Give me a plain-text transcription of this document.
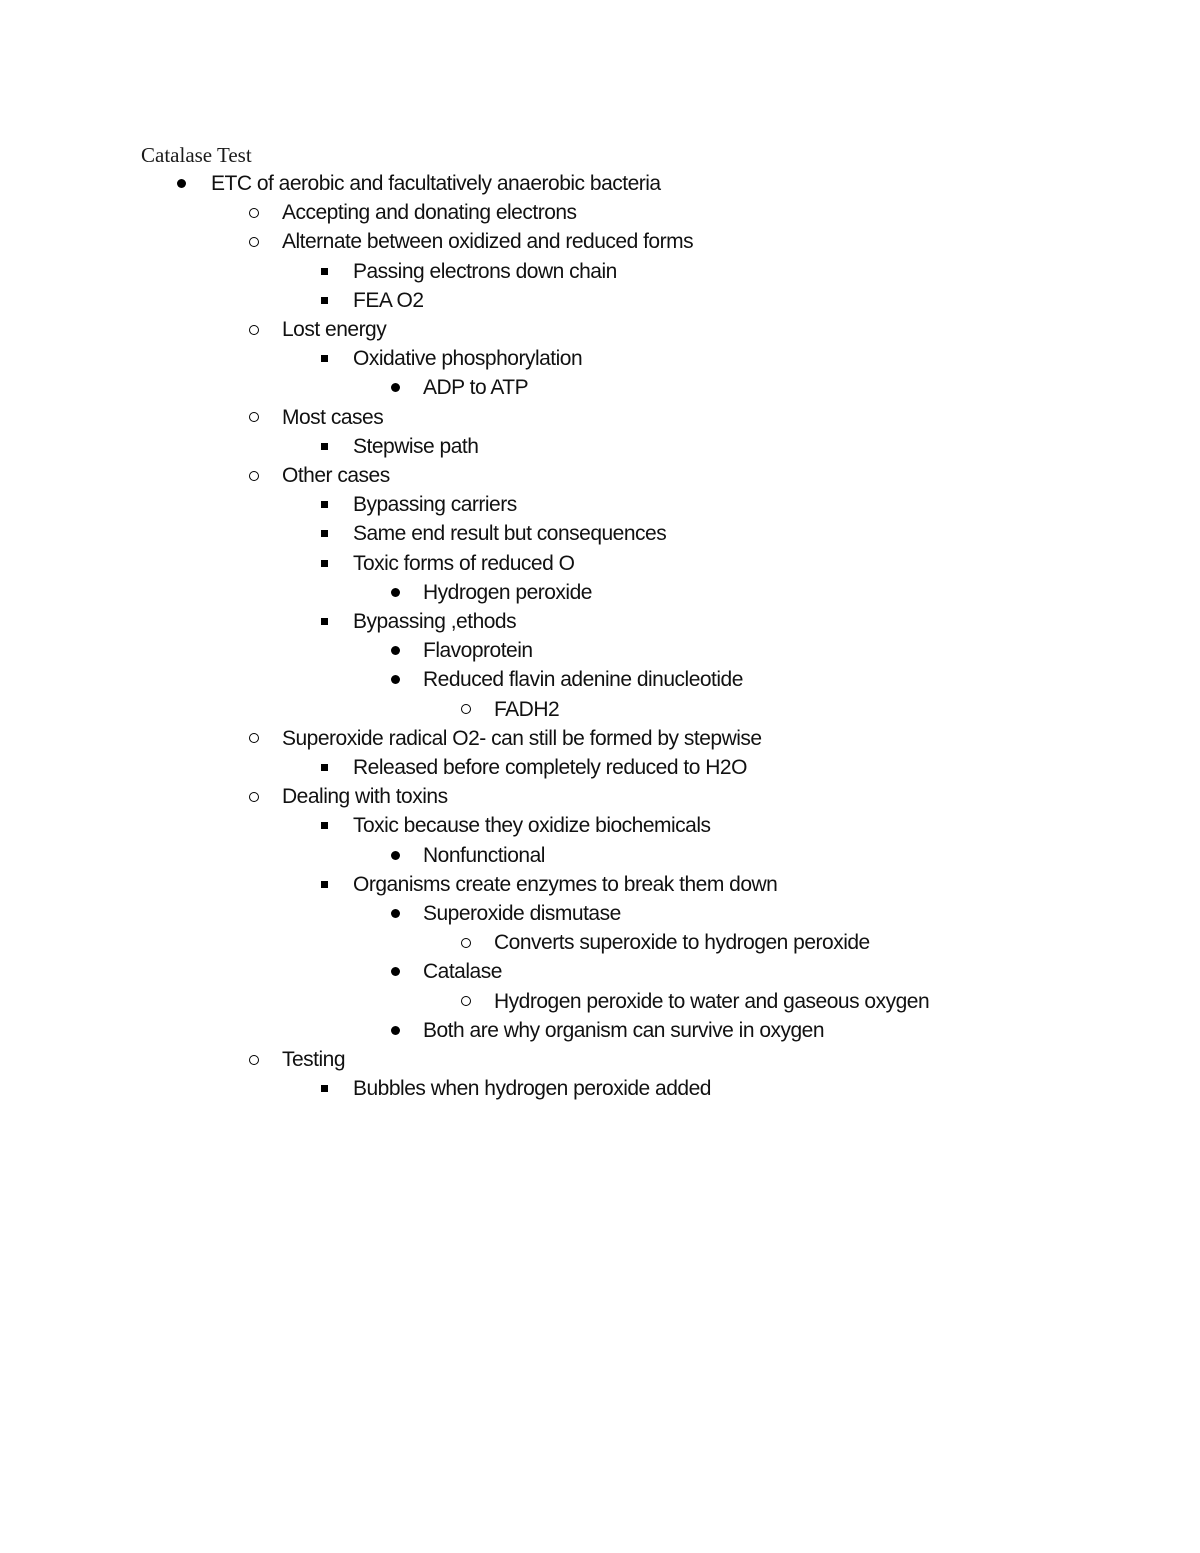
Catalase Test
ETC of aerobic and facultatively anaerobic bacteria
Accepting and donating electrons
Alternate between oxidized and reduced forms
Passing electrons down chain
FEA O2
Lost energy
Oxidative phosphorylation
ADP to ATP
Most cases
Stepwise path
Other cases
Bypassing carriers
Same end result but consequences
Toxic forms of reduced O
Hydrogen peroxide
Bypassing ,ethods
Flavoprotein
Reduced flavin adenine dinucleotide
FADH2
Superoxide radical O2- can still be formed by stepwise
Released before completely reduced to H2O
Dealing with toxins
Toxic because they oxidize biochemicals
Nonfunctional
Organisms create enzymes to break them down
Superoxide dismutase
Converts superoxide to hydrogen peroxide
Catalase
Hydrogen peroxide to water and gaseous oxygen
Both are why organism can survive in oxygen
Testing
Bubbles when hydrogen peroxide added
